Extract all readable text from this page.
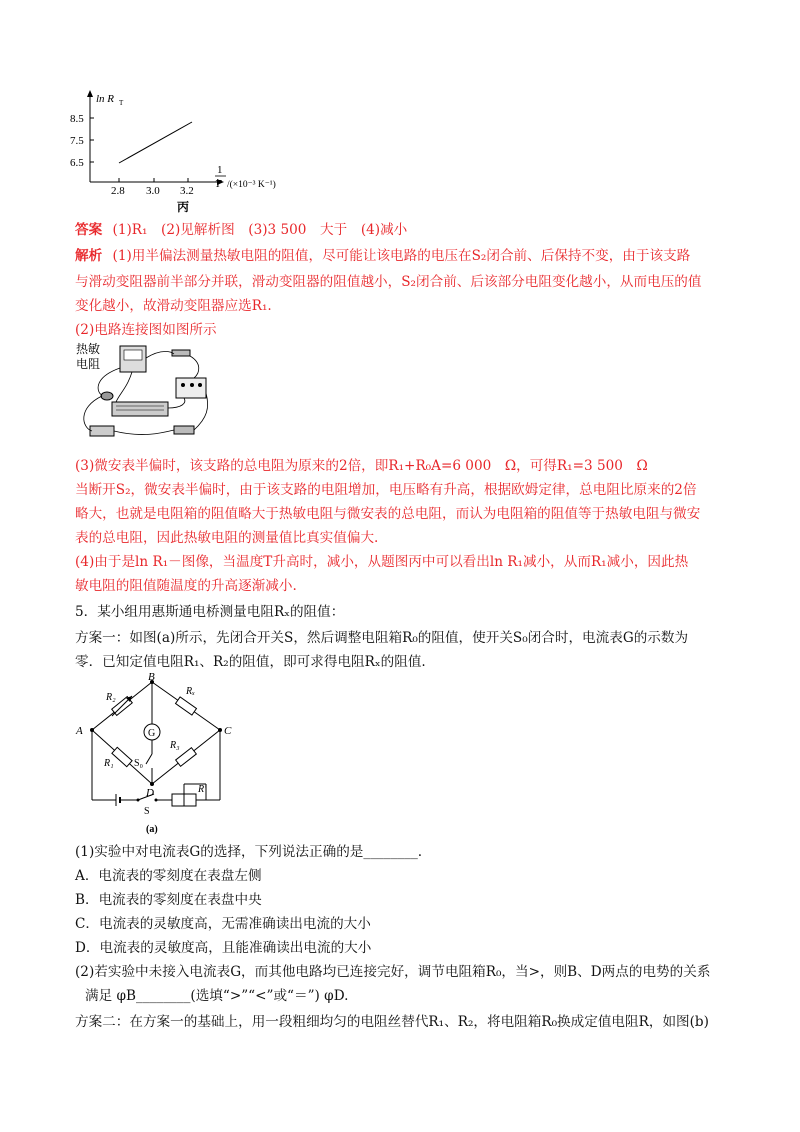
ln R T
8.5
7.5
6.5
2.8 3.0 3.2
1
T /(×10⁻³ K⁻¹)
丙
答案 (1)R₁　(2)见解析图　(3)3 500　大于　(4)减小
解析 (1)用半偏法测量热敏电阻的阻值，尽可能让该电路的电压在S₂闭合前、后保持不变，由于该支路
与滑动变阻器前半部分并联，滑动变阻器的阻值越小，S₂闭合前、后该部分电阻变化越小，从而电压的值
变化越小，故滑动变阻器应选R₁.
(2)电路连接图如图所示
热敏
电阻
(3)微安表半偏时，该支路的总电阻为原来的2倍，即R₁+R₀A=6 000　Ω，可得R₁=3 500　Ω
当断开S₂，微安表半偏时，由于该支路的电阻增加，电压略有升高，根据欧姆定律，总电阻比原来的2倍
略大，也就是电阻箱的阻值略大于热敏电阻与微安表的总电阻，而认为电阻箱的阻值等于热敏电阻与微安
表的总电阻，因此热敏电阻的测量值比真实值偏大.
(4)由于是ln R₁－图像，当温度T升高时，减小，从题图丙中可以看出ln R₁减小，从而R₁减小，因此热
敏电阻的阻值随温度的升高逐渐减小.
5．某小组用惠斯通电桥测量电阻Rₓ的阻值：
方案一：如图(a)所示，先闭合开关S，然后调整电阻箱R₀的阻值，使开关S₀闭合时，电流表G的示数为
零．已知定值电阻R₁、R₂的阻值，即可求得电阻Rₓ的阻值.
A
B
C
D
R₂
Rₓ
R₁
R₃
G
S₀
S
R'
(a)
(1)实验中对电流表G的选择，下列说法正确的是________.
A．电流表的零刻度在表盘左侧
B．电流表的零刻度在表盘中央
C．电流表的灵敏度高，无需准确读出电流的大小
D．电流表的灵敏度高，且能准确读出电流的大小
(2)若实验中未接入电流表G，而其他电路均已连接完好，调节电阻箱R₀，当>，则B、D两点的电势的关系
满足 φB________(选填“>”“<”或“＝”) φD.
方案二：在方案一的基础上，用一段粗细均匀的电阻丝替代R₁、R₂，将电阻箱R₀换成定值电阻R，如图(b)
